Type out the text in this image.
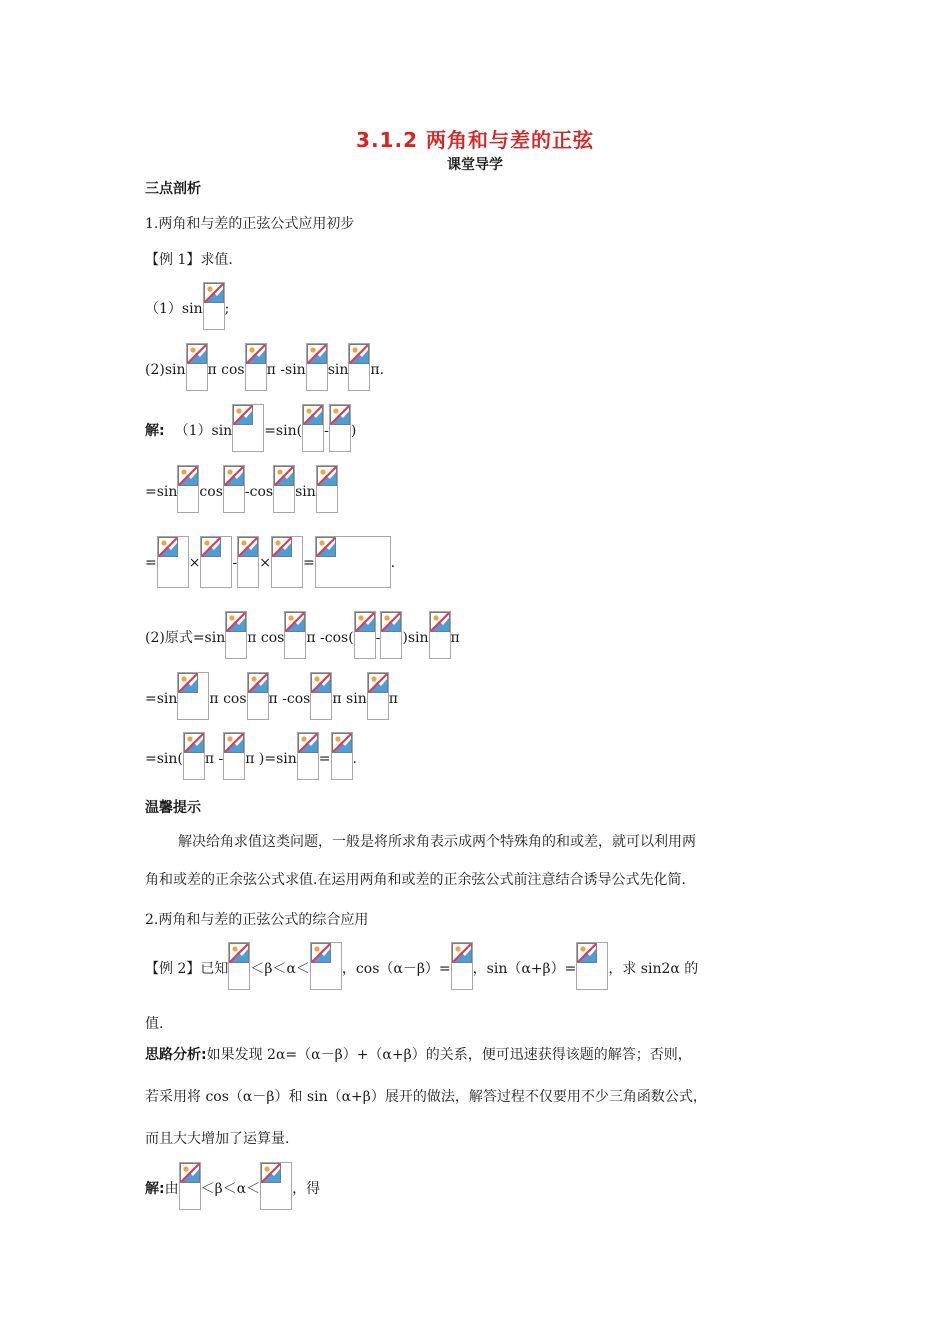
3.1.2 两角和与差的正弦
课堂导学
三点剖析
1.两角和与差的正弦公式应用初步
【例 1】求值.
（1）sin ;
(2)sin π cos π -sin sin π.
解: （1）sin =sin( - )
=sin cos -cos sin
= × - × =	.
(2)原式=sin π cos π -cos( - )sin π
=sin π cos π -cos π sin π
=sin( π - π )=sin = .
温馨提示
解决给角求值这类问题，一般是将所求角表示成两个特殊角的和或差，就可以利用两
角和或差的正余弦公式求值.在运用两角和或差的正余弦公式前注意结合诱导公式先化简.
2.两角和与差的正弦公式的综合应用
【例 2】已知 ＜β＜α＜ ，cos（α－β）= ，sin（α+β）= ，求 sin2α 的
值.
思路分析:如果发现 2α=（α－β）+（α+β）的关系，便可迅速获得该题的解答；否则，
若采用将 cos（α－β）和 sin（α+β）展开的做法，解答过程不仅要用不少三角函数公式，
而且大大增加了运算量.
解: 由 ＜β＜α＜ ，得
